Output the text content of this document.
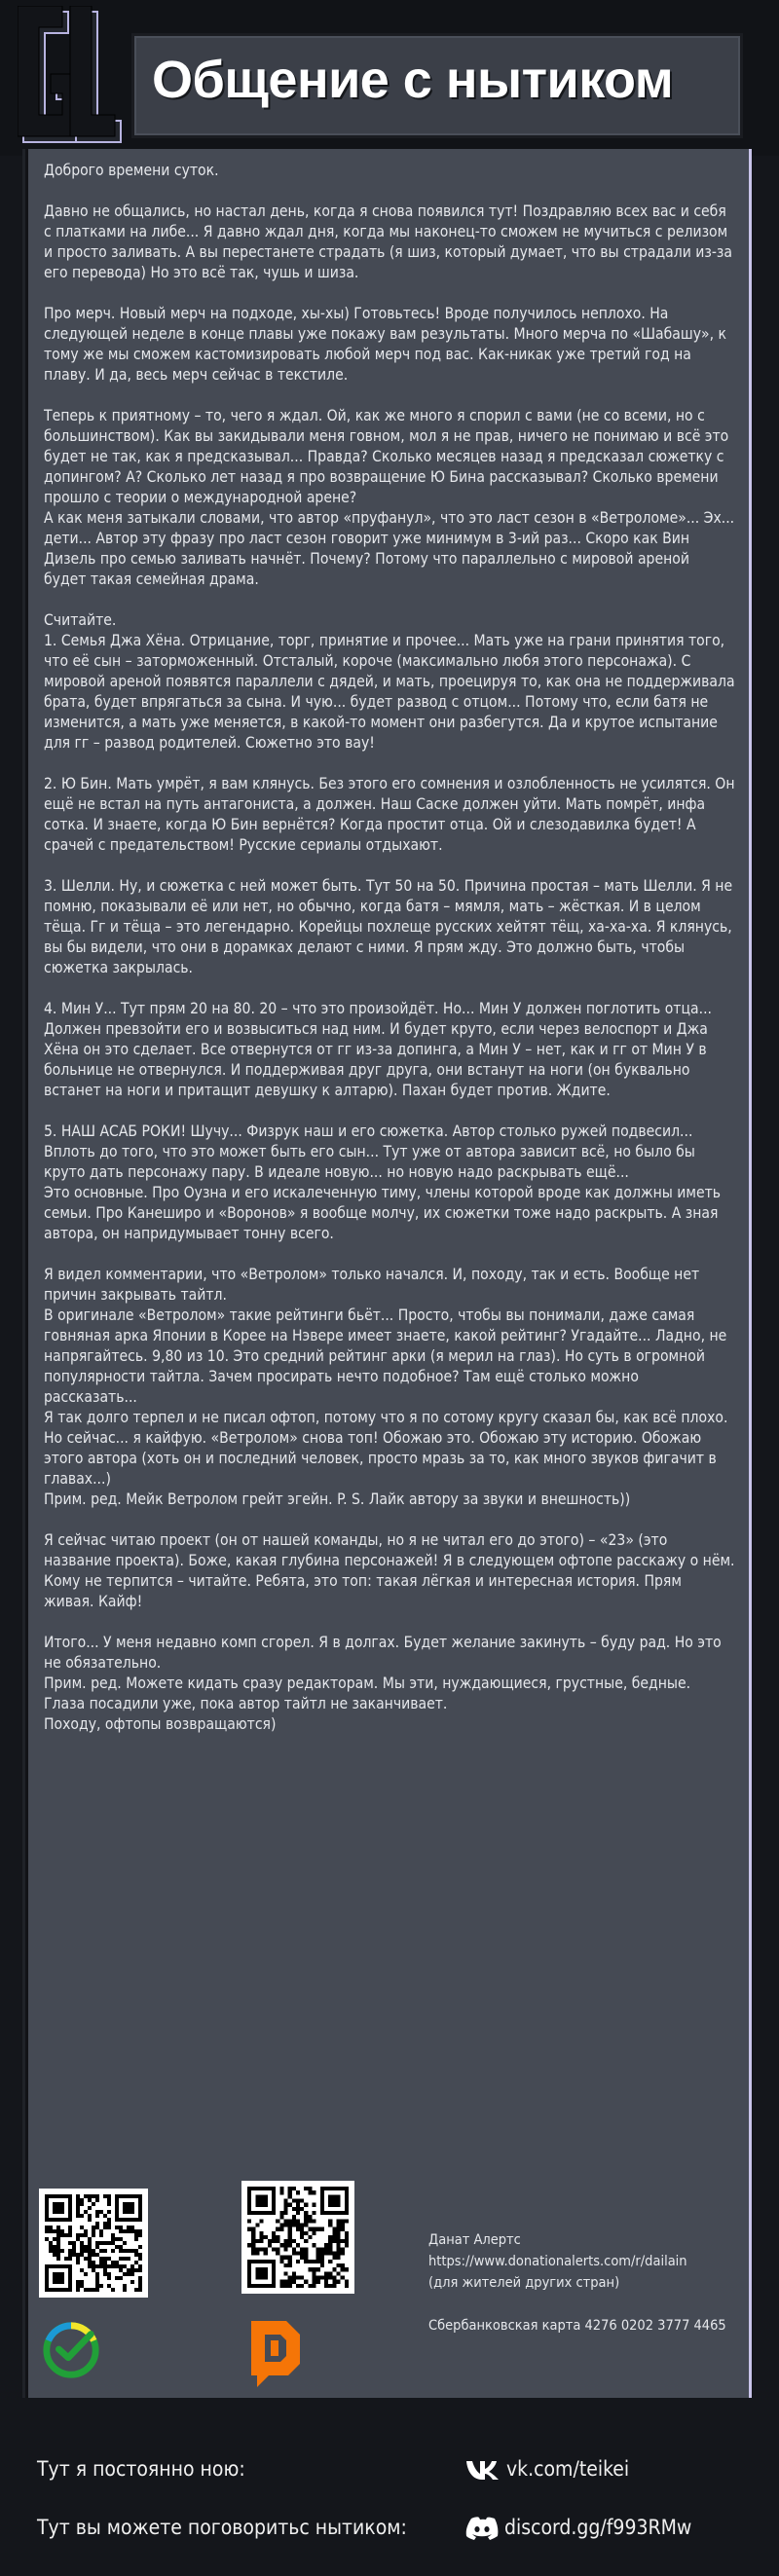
Общение с нытиком

Доброго времени суток.

Давно не общались, но настал день, когда я снова появился тут! Поздравляю всех вас и себя с платками на либе... Я давно ждал дня, когда мы наконец-то сможем не мучиться с релизом и просто заливать. А вы перестанете страдать (я шиз, который думает, что вы страдали из-за его перевода) Но это всё так, чушь и шиза.

Про мерч. Новый мерч на подходе, хы-хы) Готовьтесь! Вроде получилось неплохо. На следующей неделе в конце плавы уже покажу вам результаты. Много мерча по «Шабашу», к тому же мы сможем кастомизировать любой мерч под вас. Как-никак уже третий год на плаву. И да, весь мерч сейчас в текстиле.

Теперь к приятному – то, чего я ждал. Ой, как же много я спорил с вами (не со всеми, но с большинством). Как вы закидывали меня говном, мол я не прав, ничего не понимаю и всё это будет не так, как я предсказывал... Правда? Сколько месяцев назад я предсказал сюжетку с допингом? А? Сколько лет назад я про возвращение Ю Бина рассказывал? Сколько времени прошло с теории о международной арене?
А как меня затыкали словами, что автор «пруфанул», что это ласт сезон в «Ветроломе»... Эх... дети... Автор эту фразу про ласт сезон говорит уже минимум в 3-ий раз... Скоро как Вин Дизель про семью заливать начнёт. Почему? Потому что параллельно с мировой ареной будет такая семейная драма.

Считайте.
1. Семья Джа Хёна. Отрицание, торг, принятие и прочее... Мать уже на грани принятия того, что её сын – заторможенный. Отсталый, короче (максимально любя этого персонажа). С мировой ареной появятся параллели с дядей, и мать, проецируя то, как она не поддерживала брата, будет впрягаться за сына. И чую... будет развод с отцом... Потому что, если батя не изменится, а мать уже меняется, в какой-то момент они разбегутся. Да и крутое испытание для гг – развод родителей. Сюжетно это вау!

2. Ю Бин. Мать умрёт, я вам клянусь. Без этого его сомнения и озлобленность не усилятся. Он ещё не встал на путь антагониста, а должен. Наш Саске должен уйти. Мать помрёт, инфа сотка. И знаете, когда Ю Бин вернётся? Когда простит отца. Ой и слезодавилка будет! А срачей с предательством! Русские сериалы отдыхают.

3. Шелли. Ну, и сюжетка с ней может быть. Тут 50 на 50. Причина простая – мать Шелли. Я не помню, показывали её или нет, но обычно, когда батя – мямля, мать – жёсткая. И в целом тёща. Гг и тёща – это легендарно. Корейцы похлеще русских хейтят тёщ, ха-ха-ха. Я клянусь, вы бы видели, что они в дорамках делают с ними. Я прям жду. Это должно быть, чтобы сюжетка закрылась.

4. Мин У... Тут прям 20 на 80. 20 – что это произойдёт. Но... Мин У должен поглотить отца... Должен превзойти его и возвыситься над ним. И будет круто, если через велоспорт и Джа Хёна он это сделает. Все отвернутся от гг из-за допинга, а Мин У – нет, как и гг от Мин У в больнице не отвернулся. И поддерживая друг друга, они встанут на ноги (он буквально встанет на ноги и притащит девушку к алтарю). Пахан будет против. Ждите.

5. НАШ АСАБ РОКИ! Шучу... Физрук наш и его сюжетка. Автор столько ружей подвесил... Вплоть до того, что это может быть его сын... Тут уже от автора зависит всё, но было бы круто дать персонажу пару. В идеале новую... но новую надо раскрывать ещё...
Это основные. Про Оузна и его искалеченную тиму, члены которой вроде как должны иметь семьи. Про Канеширо и «Воронов» я вообще молчу, их сюжетки тоже надо раскрыть. А зная автора, он напридумывает тонну всего.

Я видел комментарии, что «Ветролом» только начался. И, походу, так и есть. Вообще нет причин закрывать тайтл.
В оригинале «Ветролом» такие рейтинги бьёт... Просто, чтобы вы понимали, даже самая говняная арка Японии в Корее на Нэвере имеет знаете, какой рейтинг? Угадайте... Ладно, не напрягайтесь. 9,80 из 10. Это средний рейтинг арки (я мерил на глаз). Но суть в огромной популярности тайтла. Зачем просирать нечто подобное? Там ещё столько можно рассказать...
Я так долго терпел и не писал офтоп, потому что я по сотому кругу сказал бы, как всё плохо. Но сейчас... я кайфую. «Ветролом» снова топ! Обожаю это. Обожаю эту историю. Обожаю этого автора (хоть он и последний человек, просто мразь за то, как много звуков фигачит в главах...)
Прим. ред. Мейк Ветролом грейт эгейн. P. S. Лайк автору за звуки и внешность))

Я сейчас читаю проект (он от нашей команды, но я не читал его до этого) – «23» (это название проекта). Боже, какая глубина персонажей! Я в следующем офтопе расскажу о нём. Кому не терпится – читайте. Ребята, это топ: такая лёгкая и интересная история. Прям живая. Кайф!

Итого... У меня недавно комп сгорел. Я в долгах. Будет желание закинуть – буду рад. Но это не обязательно.
Прим. ред. Можете кидать сразу редакторам. Мы эти, нуждающиеся, грустные, бедные. Глаза посадили уже, пока автор тайтл не заканчивает.
Походу, офтопы возвращаются)

Данат Алертс
https://www.donationalerts.com/r/dailain
(для жителей других стран)
Сбербанковская карта 4276 0202 3777 4465
Тут я постоянно ною:
Тут вы можете поговоритьс нытиком:
vk.com/teikei
discord.gg/f993RMw
